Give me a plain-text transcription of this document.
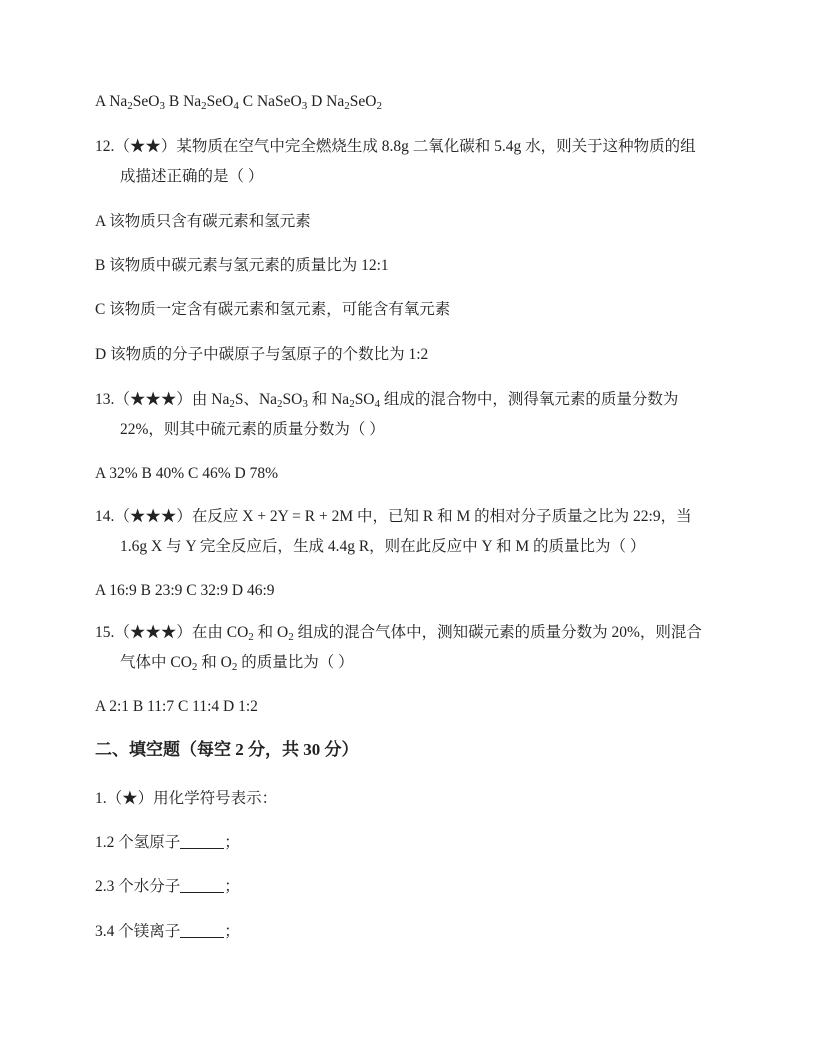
A $Na_2SeO_3$ B $Na_2SeO_4$ C NaSeO$_3$ D $Na_2SeO_2$
12.（★★）某物质在空气中完全燃烧生成 8.8g 二氧化碳和 5.4g 水，则关于这种物质的组
成描述正确的是（ ）
A 该物质只含有碳元素和氢元素
B 该物质中碳元素与氢元素的质量比为 12:1
C 该物质一定含有碳元素和氢元素，可能含有氧元素
D 该物质的分子中碳原子与氢原子的个数比为 1:2
13.（★★★）由 $Na_2S$、$Na_2SO_3$ 和 $Na_2SO_4$ 组成的混合物中，测得氧元素的质量分数为
22%，则其中硫元素的质量分数为（ ）
A 32% B 40% C 46% D 78%
14.（★★★）在反应 X + 2Y = R + 2M 中，已知 R 和 M 的相对分子质量之比为 22:9，当
1.6g X 与 Y 完全反应后，生成 4.4g R，则在此反应中 Y 和 M 的质量比为（ ）
A 16:9 B 23:9 C 32:9 D 46:9
15.（★★★）在由 $CO_2$ 和 $O_2$ 组成的混合气体中，测知碳元素的质量分数为 20%，则混合
气体中 $CO_2$ 和 $O_2$ 的质量比为（ ）
A 2:1 B 11:7 C 11:4 D 1:2
二、填空题（每空 2 分，共 30 分）
1.（★）用化学符号表示：
1.2 个氢原子	；
2.3 个水分子	；
3.4 个镁离子	；
